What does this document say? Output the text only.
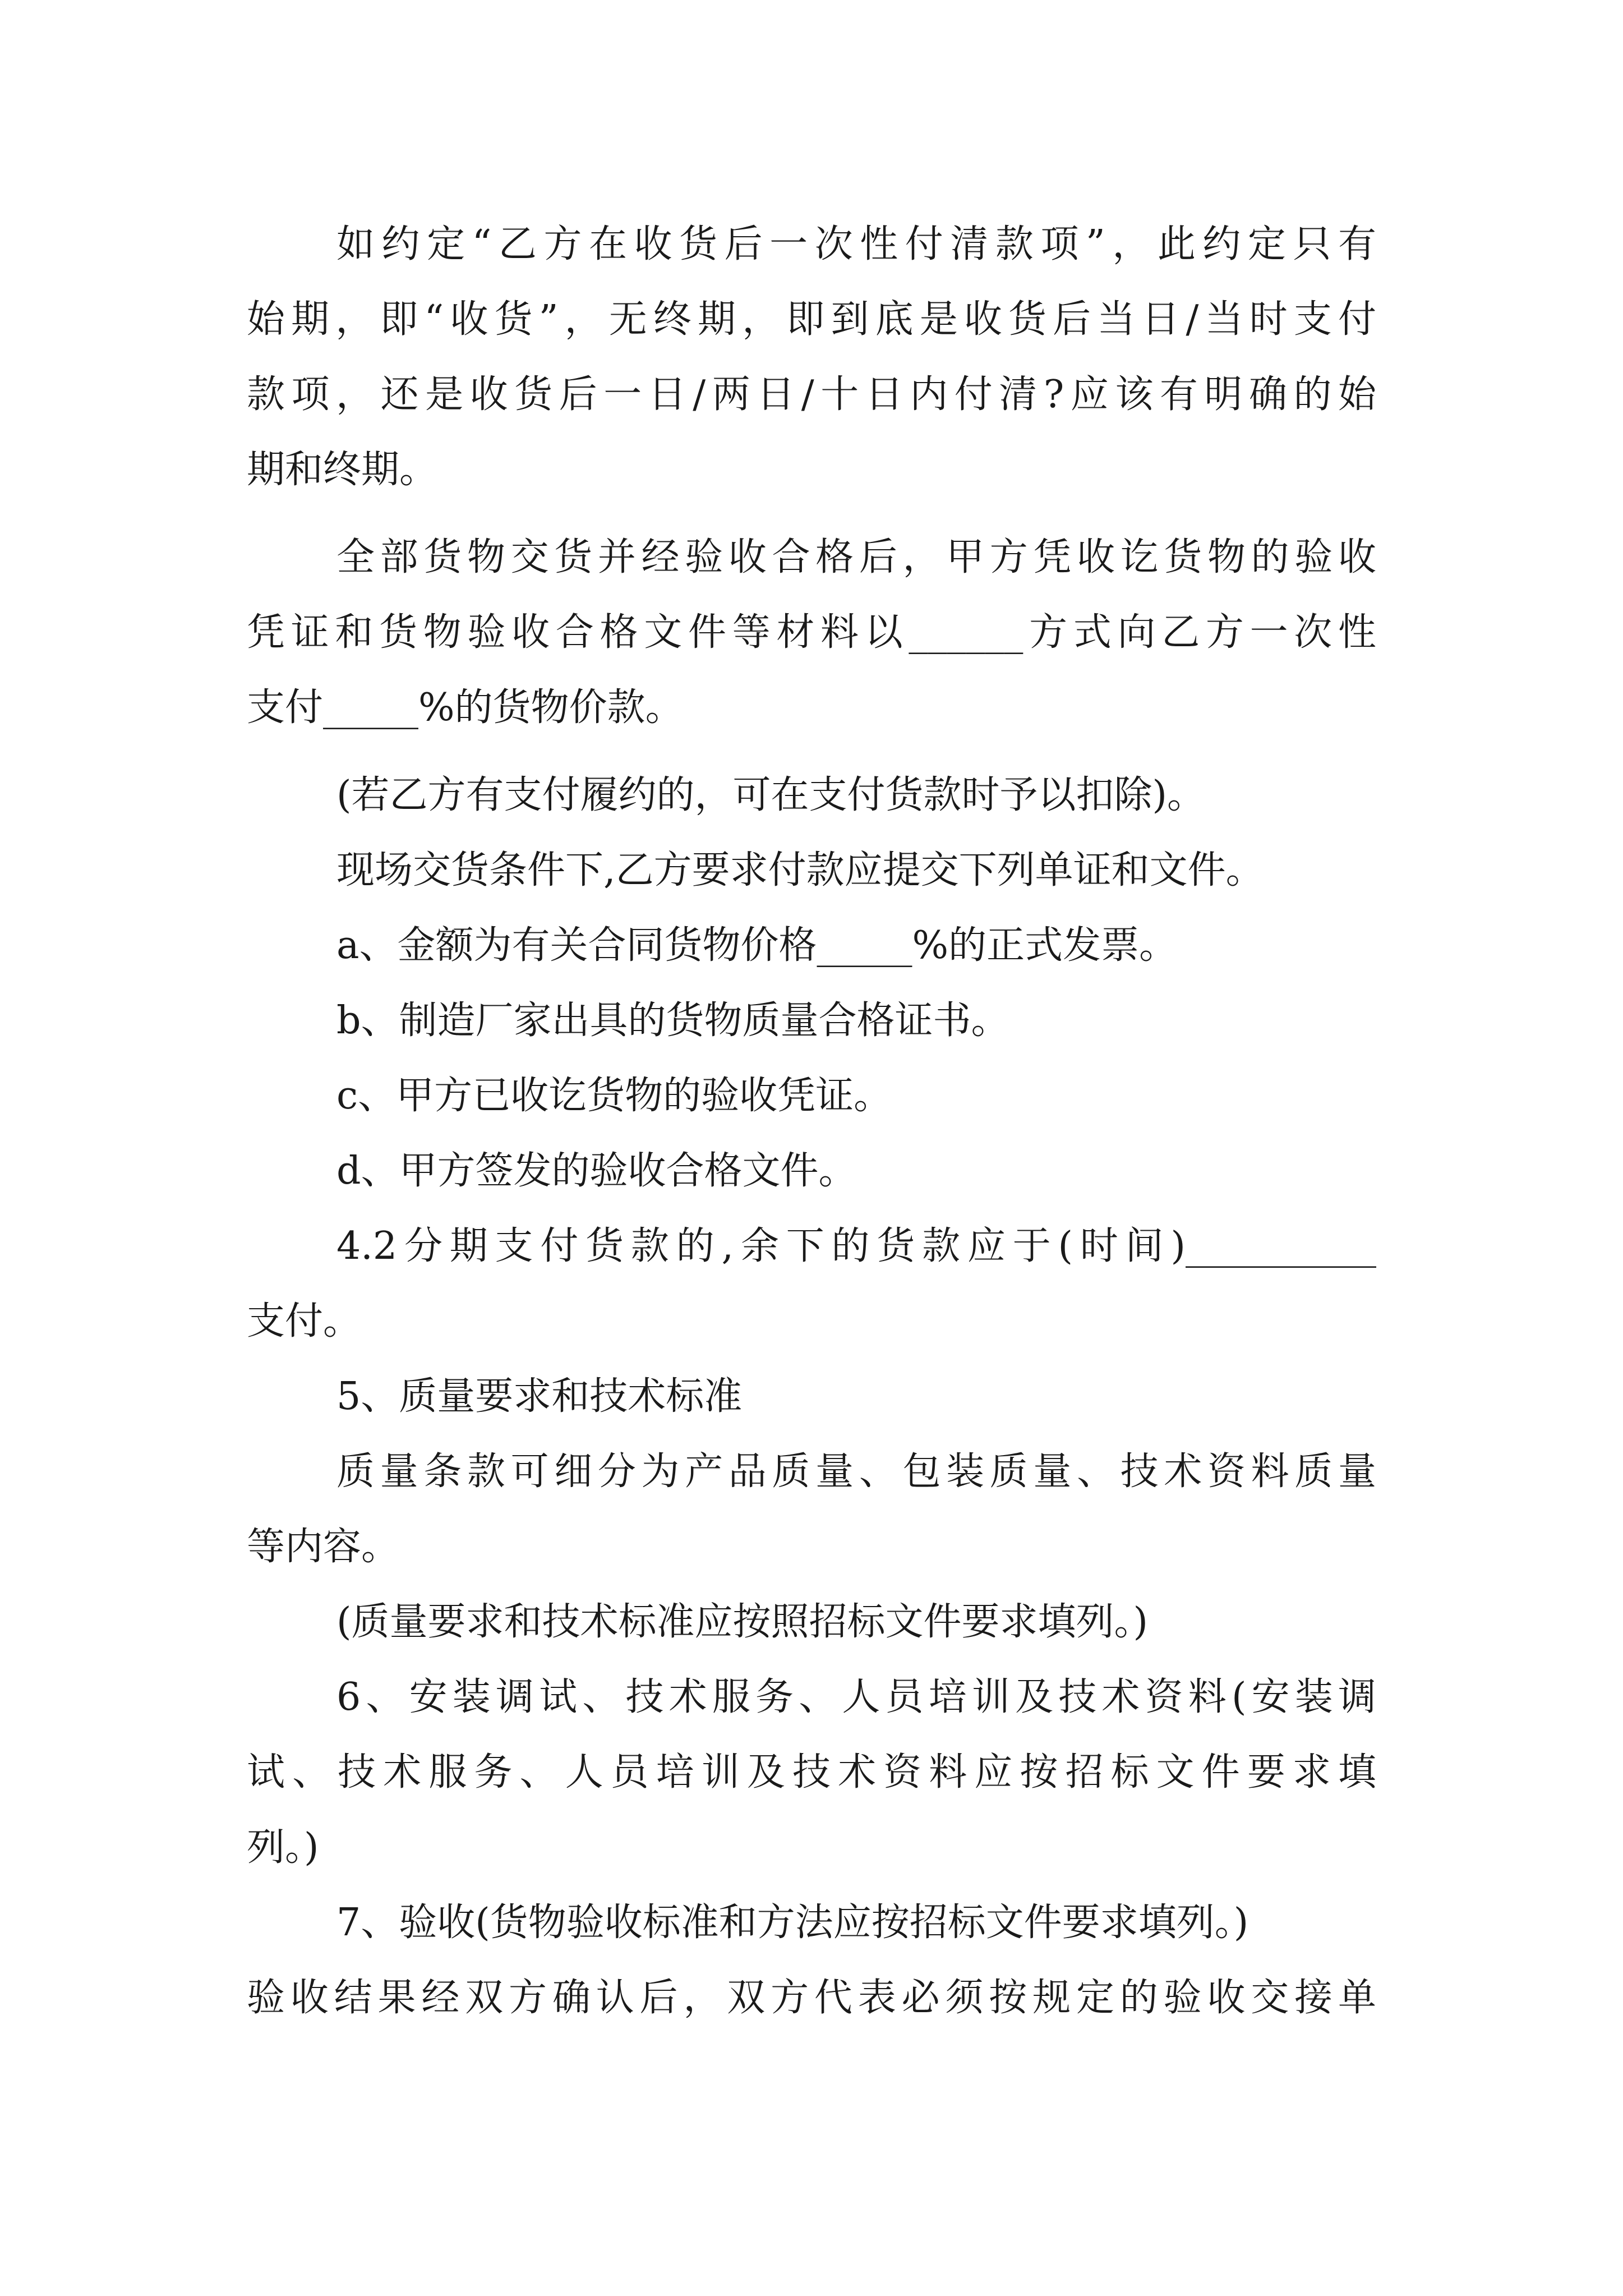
如约定“乙方在收货后一次性付清款项”，此约定只有
始期，即“收货”，无终期，即到底是收货后当日/当时支付
款项，还是收货后一日/两日/十日内付清?应该有明确的始
期和终期。
全部货物交货并经验收合格后，甲方凭收讫货物的验收
凭证和货物验收合格文件等材料以______方式向乙方一次性
支付_____%的货物价款。
(若乙方有支付履约的，可在支付货款时予以扣除)。
现场交货条件下,乙方要求付款应提交下列单证和文件。
a、金额为有关合同货物价格_____%的正式发票。
b、制造厂家出具的货物质量合格证书。
c、甲方已收讫货物的验收凭证。
d、甲方签发的验收合格文件。
4.2分期支付货款的,余下的货款应于(时间)__________
支付。
5、质量要求和技术标准
质量条款可细分为产品质量、包装质量、技术资料质量
等内容。
(质量要求和技术标准应按照招标文件要求填列。)
6、安装调试、技术服务、人员培训及技术资料(安装调
试、技术服务、人员培训及技术资料应按招标文件要求填
列。)
7、验收(货物验收标准和方法应按招标文件要求填列。)
验收结果经双方确认后，双方代表必须按规定的验收交接单
